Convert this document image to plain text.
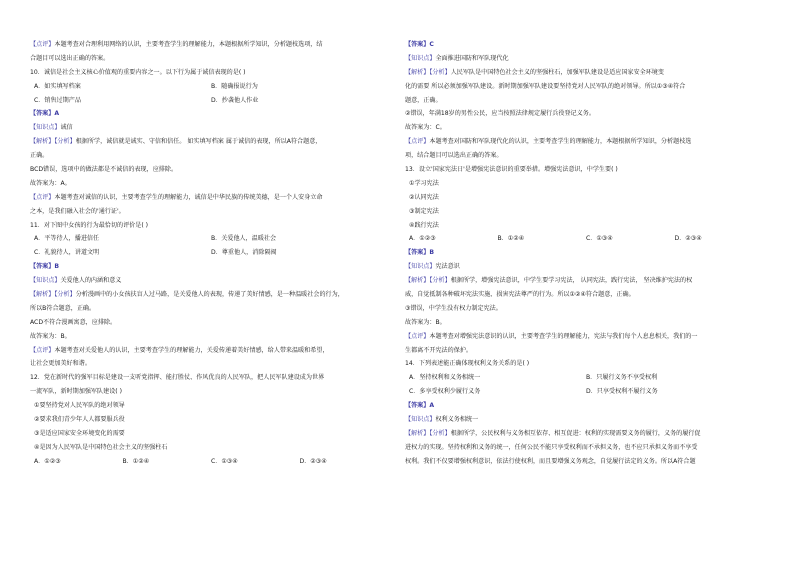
【点评】本题考查对合理利用网络的认识，主要考查学生的理解能力，本题根据所学知识，分析题枝选项，结
合题目可以选出正确的答案。
10．诚信是社会主义核心价值观的重要内容之一。以下行为属于诚信表现的是( )
A．如实填写档案	B．随确报说行为
C．销售过期产品	D．抄袭他人作业
【答案】A
【知识点】诚信
【解析】【分析】根据所学，诚信就是诚实、守信和信任。 如实填写档案 属于诚信的表现，所以A符合题意，
正确。
BCD错误，选项中的做法都是不诚信的表现，应排除。
故答案为：A。
【点评】本题考查对诚信的认识，主要考查学生的理解能力，诚信是中华民族的传统美德，是一个人安身立命
之本，是我们融入社会的'通行证'。
11．对下图中女孩的行为最恰切的评价是( )
A．平等待人，播进信任	B．关爱他人，温暖社会
C．礼貌待人，讲道文明	D．尊重他人，消除隔阂
【答案】B
【知识点】关爱他人的内涵和意义
【解析】【分析】分析漫画中的小女孩扶盲人过马路，是关爱他人的表现，传递了美好情感，是一种温暖社会的行为，
所以B符合题意，正确。
ACD不符合漫画寓意，应排除。
故答案为：B。
【点评】本题考查对关爱他人的认识，主要考查学生的理解能力，关爱传递着美好情感，给人带来温暖和希望，
让社会更加美好和谐。
12．党在新时代的强军目标是建设一支听党指挥、能打胜仗、作风优良的人民军队，把人民军队建设成为世界
一流军队，新时期加强军队建设( )
①要坚持党对人民军队的绝对领导
②要求我们青少年人人都要服兵役
③是适应国家安全环境变化的需要
④是因为人民军队是中国特色社会主义的坚强柱石
A．①②③	B．①②④	C．①③④	D．②③④
【答案】C
【知识点】全面推进国防和军队现代化
【解析】【分析】人民军队是中国特色社会主义的坚强柱石，加强军队建设是适应国家安全环境变
化的需要 所以必须加强军队建设。新时期加强军队建设要坚持党对人民军队的绝对领导。所以①③④符合
题意，正确。
②错误，年满18岁的男性公民，应当按照法律规定履行兵役登记义务。
故答案为：C。
【点评】本题考查对国防和军队现代化的认识，主要考查学生的理解能力，本题根据所学知识，分析题枝选
项，结合题目可以选出正确的答案。
13．设立'国家宪法日'是增强宪法意识的重要举措。增强宪法意识，中学生要( )
①学习宪法
②认同宪法
③制定宪法
④践行宪法
A．①②③	B．①②④	C．①③④	D．②③④
【答案】B
【知识点】宪法意识
【解析】【分析】根据所学，增强宪法意识，中学生要学习宪法， 认同宪法，践行宪法， 坚决维护宪法的权
威，自觉抵制各种破坏宪法实施、损害宪法尊严的行为。所以①②④符合题意，正确。
③错误，中学生没有权力制定宪法。
故答案为：B。
【点评】本题考查对增强宪法意识的认识，主要考查学生的理解能力，宪法与我们每个人息息相关，我们的一
生都离不开宪法的保护。
14．下列表述能正确体现权利义务关系的是( )
A．坚持权利和义务相统一	B．只履行义务不享受权利
C．多享受权利少履行义务	D．只享受权利不履行义务
【答案】A
【知识点】权利义务相统一
【解析】【分析】根据所学，公民权利与义务相互依存、相互促进：权利的实现需要义务的履行，义务的履行促
进权力的实现。坚持权利和义务的统一，任何公民不能只享受权利而不承担义务，也不应只承担义务而不享受
权利。我们不仅要增强权利意识，依法行使权利，而且要增强义务观念，自觉履行法定的义务。所以A符合题
